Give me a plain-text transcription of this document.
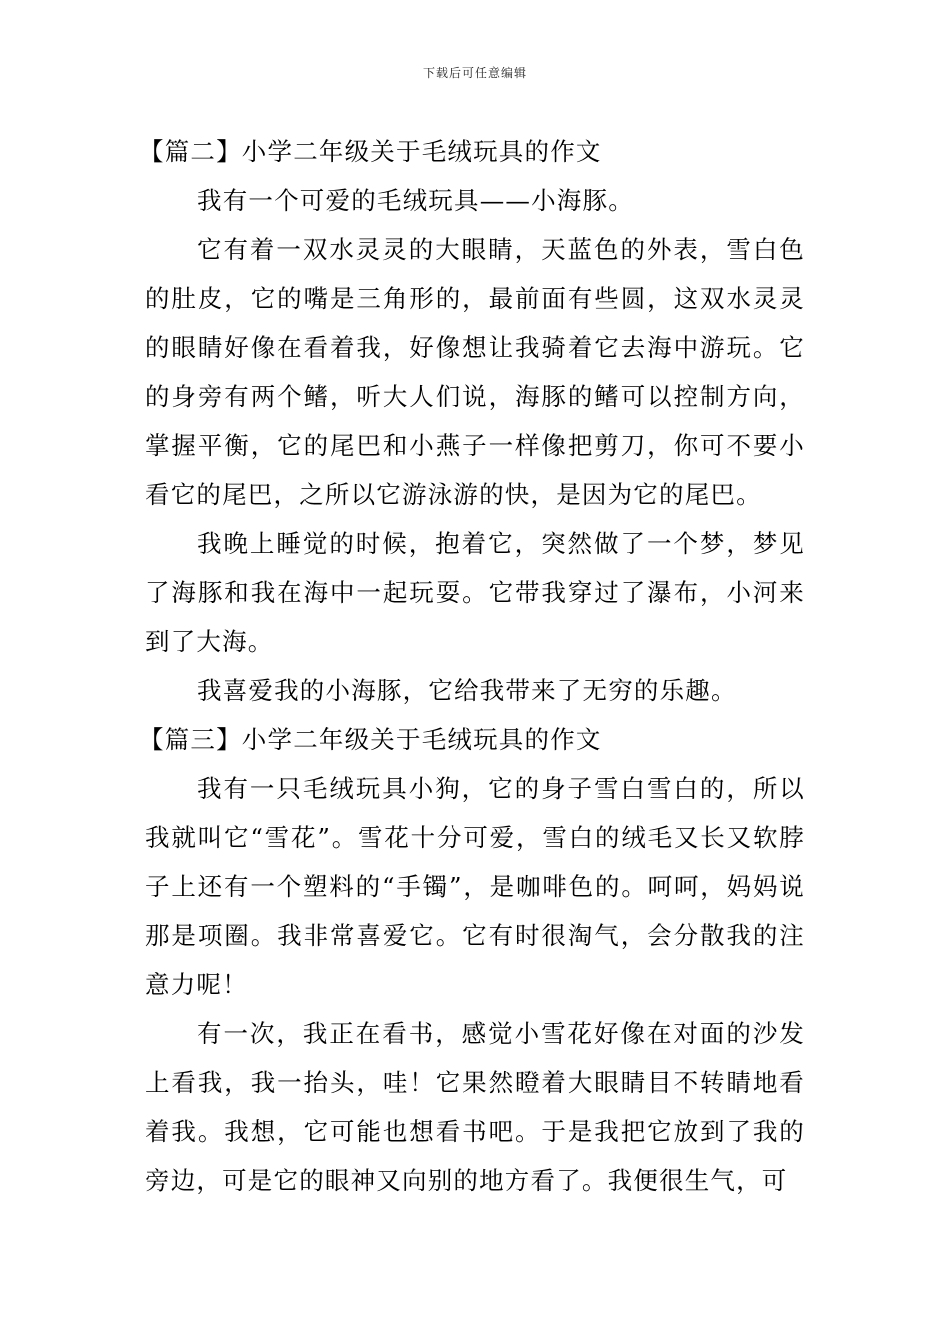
下载后可任意编辑

【篇二】小学二年级关于毛绒玩具的作文

我有一个可爱的毛绒玩具——小海豚。

它有着一双水灵灵的大眼睛，天蓝色的外表，雪白色的肚皮，它的嘴是三角形的，最前面有些圆，这双水灵灵的眼睛好像在看着我，好像想让我骑着它去海中游玩。它的身旁有两个鳍，听大人们说，海豚的鳍可以控制方向，掌握平衡，它的尾巴和小燕子一样像把剪刀，你可不要小看它的尾巴，之所以它游泳游的快，是因为它的尾巴。

我晚上睡觉的时候，抱着它，突然做了一个梦，梦见了海豚和我在海中一起玩耍。它带我穿过了瀑布，小河来到了大海。

我喜爱我的小海豚，它给我带来了无穷的乐趣。

【篇三】小学二年级关于毛绒玩具的作文

我有一只毛绒玩具小狗，它的身子雪白雪白的，所以我就叫它“雪花”。雪花十分可爱，雪白的绒毛又长又软脖子上还有一个塑料的“手镯”，是咖啡色的。呵呵，妈妈说那是项圈。我非常喜爱它。它有时很淘气，会分散我的注意力呢！

有一次，我正在看书，感觉小雪花好像在对面的沙发上看我，我一抬头，哇！它果然瞪着大眼睛目不转睛地看着我。我想，它可能也想看书吧。于是我把它放到了我的旁边，可是它的眼神又向别的地方看了。我便很生气，可
